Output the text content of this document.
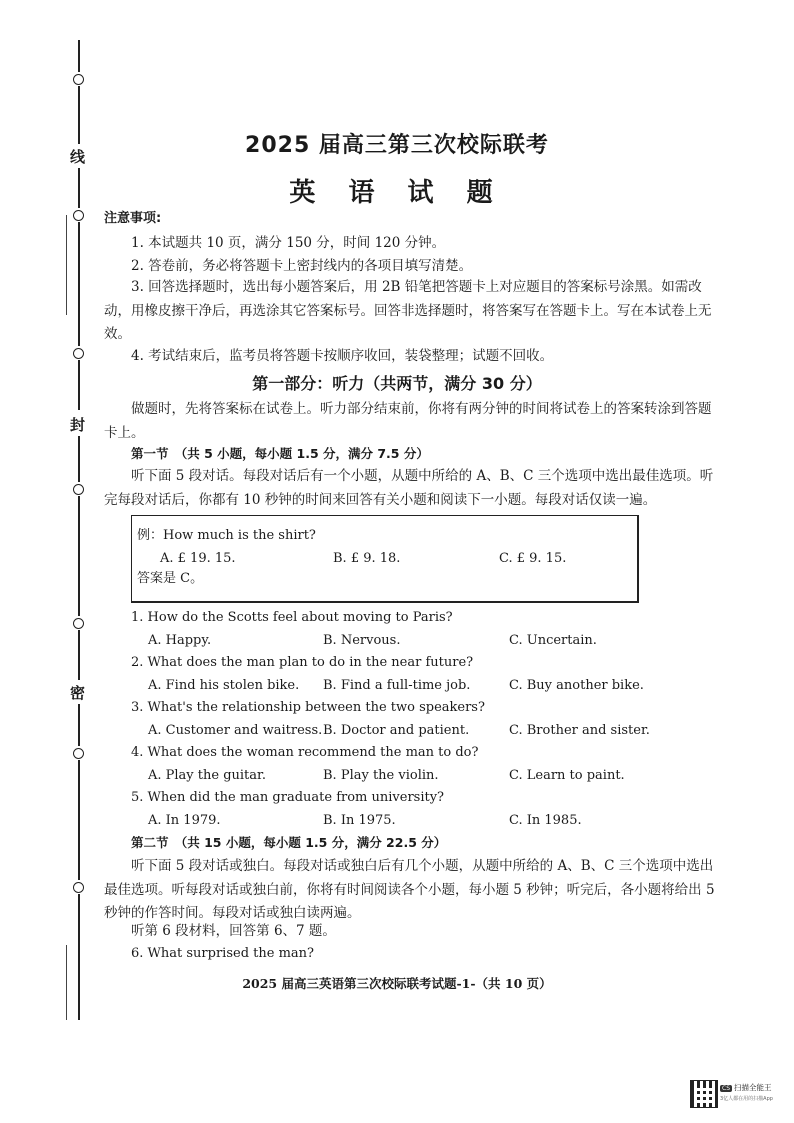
线
封
密
2025 届高三第三次校际联考
英 语 试 题
注意事项:
1. 本试题共 10 页，满分 150 分，时间 120 分钟。
2. 答卷前，务必将答题卡上密封线内的各项目填写清楚。
3. 回答选择题时，选出每小题答案后，用 2B 铅笔把答题卡上对应题目的答案标号涂黑。如需改动，用橡皮擦干净后，再选涂其它答案标号。回答非选择题时，将答案写在答题卡上。写在本试卷上无效。
4. 考试结束后，监考员将答题卡按顺序收回，装袋整理；试题不回收。
第一部分：听力（共两节，满分 30 分）
做题时，先将答案标在试卷上。听力部分结束前，你将有两分钟的时间将试卷上的答案转涂到答题卡上。
第一节　（共 5 小题，每小题 1.5 分，满分 7.5 分）
听下面 5 段对话。每段对话后有一个小题，从题中所给的 A、B、C 三个选项中选出最佳选项。听完每段对话后，你都有 10 秒钟的时间来回答有关小题和阅读下一小题。每段对话仅读一遍。
例：How much is the shirt?
A. £ 19. 15.	B. £ 9. 18.	C. £ 9. 15.
答案是 C。
1. How do the Scotts feel about moving to Paris?
A. Happy.	B. Nervous.	C. Uncertain.
2. What does the man plan to do in the near future?
A. Find his stolen bike. B. Find a full-time job.	C. Buy another bike.
3. What's the relationship between the two speakers?
A. Customer and waitress. B. Doctor and patient.	C. Brother and sister.
4. What does the woman recommend the man to do?
A. Play the guitar.	B. Play the violin.	C. Learn to paint.
5. When did the man graduate from university?
A. In 1979.	B. In 1975.	C. In 1985.
第二节　（共 15 小题，每小题 1.5 分，满分 22.5 分）
听下面 5 段对话或独白。每段对话或独白后有几个小题，从题中所给的 A、B、C 三个选项中选出最佳选项。听每段对话或独白前，你将有时间阅读各个小题，每小题 5 秒钟；听完后，各小题将给出 5 秒钟的作答时间。每段对话或独白读两遍。
听第 6 段材料，回答第 6、7 题。
6. What surprised the man?
2025 届高三英语第三次校际联考试题-1-（共 10 页）
CS 扫描全能王
3亿人都在用的扫描App
